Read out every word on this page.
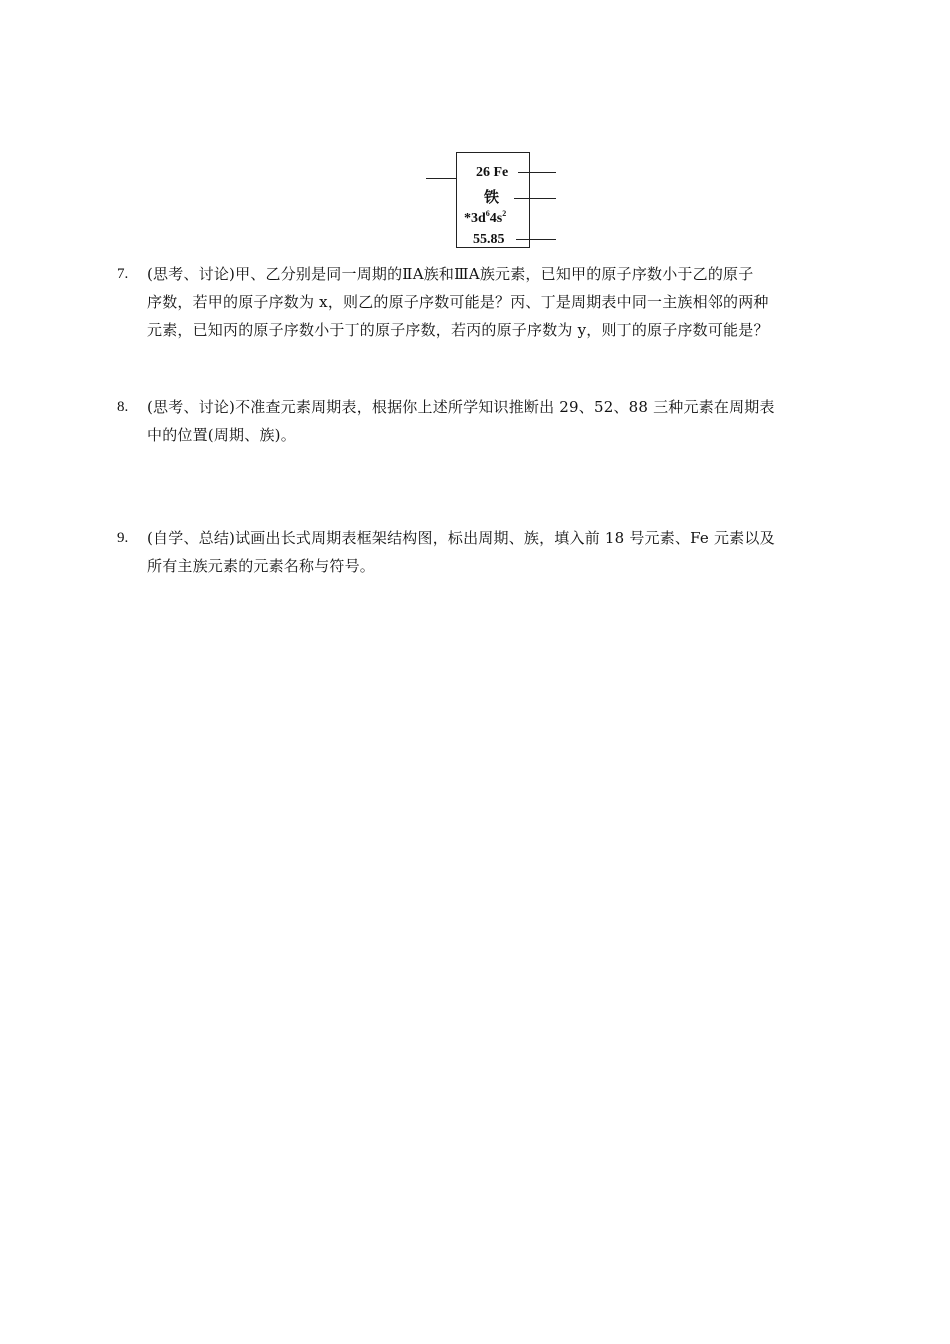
26 Fe
铁
$*3d^64s^2$
55.85
7. (思考、讨论)甲、乙分别是同一周期的ⅡA族和ⅢA族元素，已知甲的原子序数小于乙的原子
序数，若甲的原子序数为 x，则乙的原子序数可能是？丙、丁是周期表中同一主族相邻的两种
元素，已知丙的原子序数小于丁的原子序数，若丙的原子序数为 y，则丁的原子序数可能是？
8. (思考、讨论)不准查元素周期表，根据你上述所学知识推断出 29、52、88 三种元素在周期表
中的位置(周期、族)。
9. (自学、总结)试画出长式周期表框架结构图，标出周期、族，填入前 18 号元素、Fe 元素以及
所有主族元素的元素名称与符号。
